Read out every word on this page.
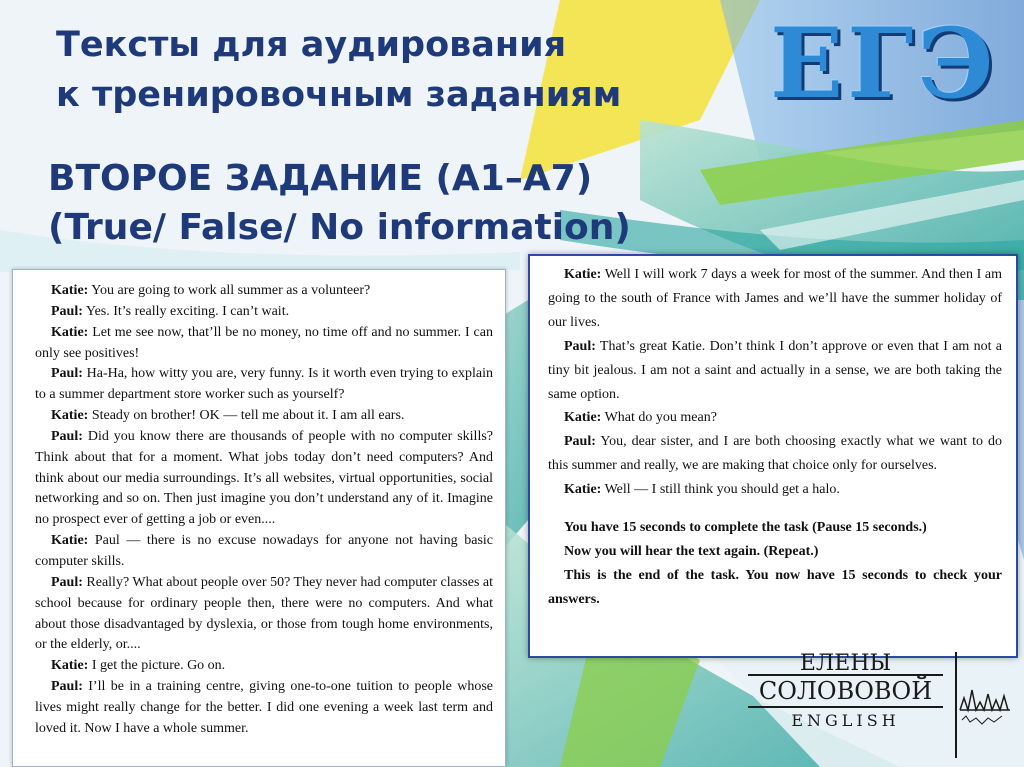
ЕГЭ
Тексты для аудирования
к тренировочным заданиям
ВТОРОЕ ЗАДАНИЕ (А1–А7)
(True/ False/ No information)

Katie: You are going to work all summer as a volunteer?

Paul: Yes. It’s really exciting. I can’t wait.

Katie: Let me see now, that’ll be no money, no time off and no summer. I can only see positives!

Paul: Ha-Ha, how witty you are, very funny. Is it worth even trying to explain to a summer department store worker such as yourself?

Katie: Steady on brother! OK — tell me about it. I am all ears.

Paul: Did you know there are thousands of people with no computer skills? Think about that for a moment. What jobs today don’t need computers? And think about our media surroundings. It’s all websites, virtual opportunities, social networking and so on. Then just imagine you don’t understand any of it. Imagine no prospect ever of getting a job or even....

Katie: Paul — there is no excuse nowadays for anyone not having basic computer skills.

Paul: Really? What about people over 50? They never had computer classes at school because for ordinary people then, there were no computers. And what about those disadvantaged by dyslexia, or those from tough home environments, or the elderly, or....

Katie: I get the picture. Go on.

Paul: I’ll be in a training centre, giving one-to-one tuition to people whose lives might really change for the better. I did one evening a week last term and loved it. Now I have a whole summer.

Katie: Well I will work 7 days a week for most of the summer. And then I am going to the south of France with James and we’ll have the summer holiday of our lives.

Paul: That’s great Katie. Don’t think I don’t approve or even that I am not a tiny bit jealous. I am not a saint and actually in a sense, we are both taking the same option.

Katie: What do you mean?

Paul: You, dear sister, and I are both choosing exactly what we want to do this summer and really, we are making that choice only for ourselves.

Katie: Well — I still think you should get a halo.

You have 15 seconds to complete the task (Pause 15 seconds.)

Now you will hear the text again. (Repeat.)

This is the end of the task. You now have 15 seconds to check your answers.

ЕЛЕНЫ
СОЛОВОВОЙ
ENGLISH
